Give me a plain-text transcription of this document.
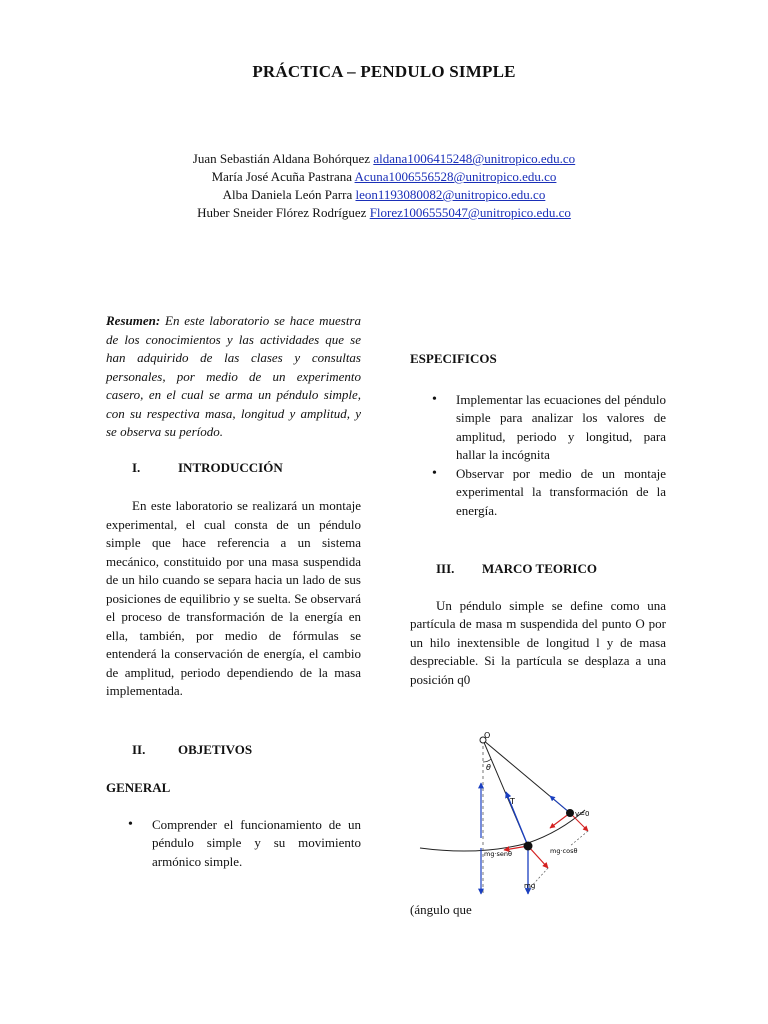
PRÁCTICA – PENDULO SIMPLE
Juan Sebastián Aldana Bohórquez aldana1006415248@unitropico.edu.co
María José Acuña Pastrana Acuna1006556528@unitropico.edu.co
Alba Daniela León Parra leon1193080082@unitropico.edu.co
Huber Sneider Flórez Rodríguez Florez1006555047@unitropico.edu.co

Resumen: En este laboratorio se hace muestra de los conocimientos y las actividades que se han adquirido de las clases y consultas personales, por medio de un experimento casero, en el cual se arma un péndulo simple, con su respectiva masa, longitud y amplitud, y se observa su período.

I.	INTRODUCCIÓN

En este laboratorio se realizará un montaje experimental, el cual consta de un péndulo simple que hace referencia a un sistema mecánico, constituido por una masa suspendida de un hilo cuando se separa hacia un lado de sus posiciones de equilibrio y se suelta. Se observará el proceso de transformación de la energía en ella, también, por medio de fórmulas se entenderá la conservación de energía, el cambio de amplitud, periodo dependiendo de la masa implementada.

II.	OBJETIVOS

GENERAL

• Comprender el funcionamiento de un péndulo simple y su movimiento armónico simple.

ESPECIFICOS

• Implementar las ecuaciones del péndulo simple para analizar los valores de amplitud, periodo y longitud, para hallar la incógnita
• Observar por medio de un montaje experimental la transformación de la energía.
III.	MARCO TEORICO

Un péndulo simple se define como una partícula de masa m suspendida del punto O por un hilo inextensible de longitud l y de masa despreciable. Si la partícula se desplaza a una posición q0

O
θ
T
v=0
mg·senθ	mg·cosθ
mg
(ángulo que
